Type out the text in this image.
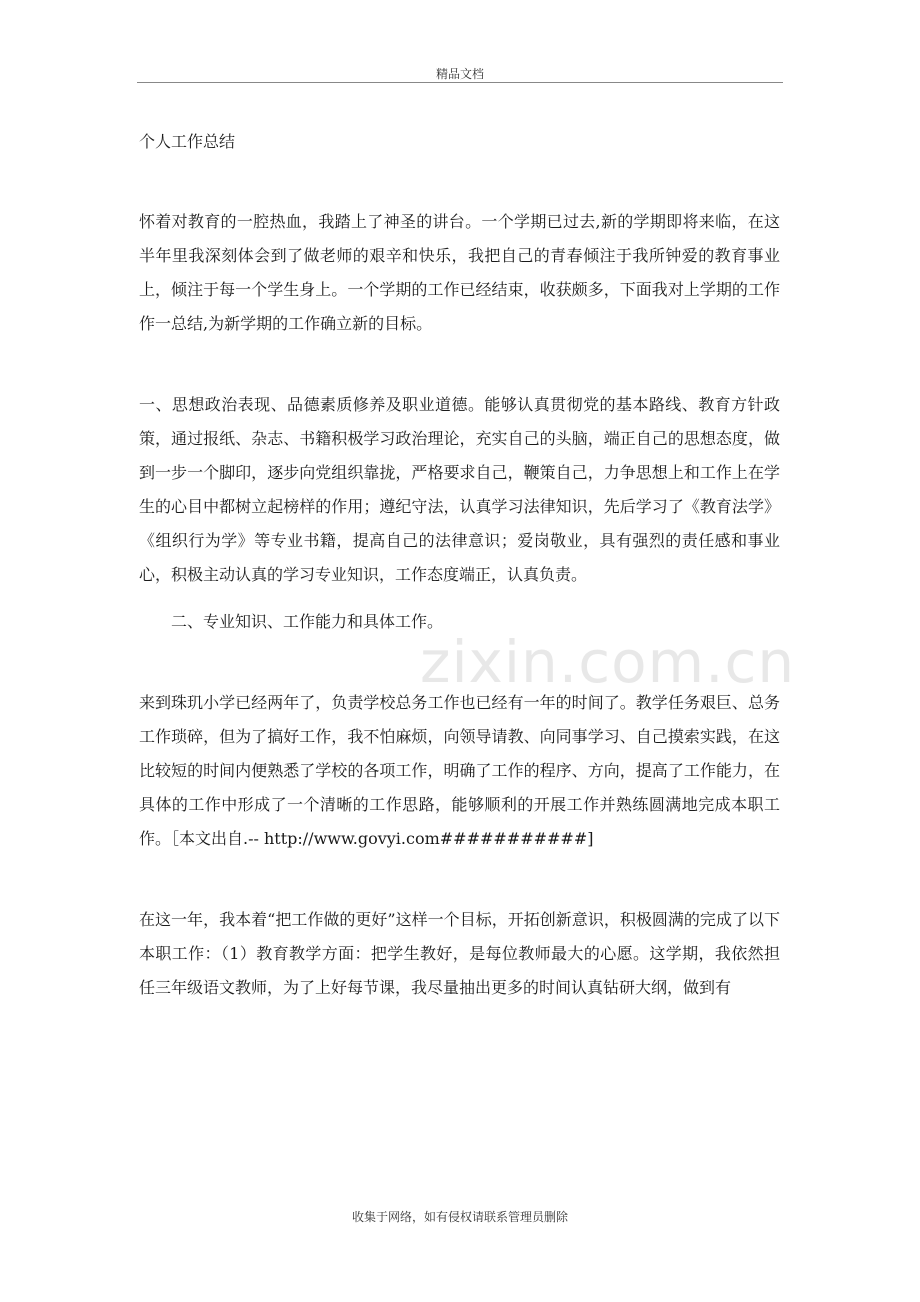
精品文档
zixin.com.cn

个人工作总结

怀着对教育的一腔热血，我踏上了神圣的讲台。一个学期已过去,新的学期即将来临，在这半年里我深刻体会到了做老师的艰辛和快乐，我把自己的青春倾注于我所钟爱的教育事业上，倾注于每一个学生身上。一个学期的工作已经结束，收获颇多，下面我对上学期的工作作一总结,为新学期的工作确立新的目标。

一、思想政治表现、品德素质修养及职业道德。能够认真贯彻党的基本路线、教育方针政策，通过报纸、杂志、书籍积极学习政治理论，充实自己的头脑，端正自己的思想态度，做到一步一个脚印，逐步向党组织靠拢，严格要求自己，鞭策自己，力争思想上和工作上在学生的心目中都树立起榜样的作用；遵纪守法，认真学习法律知识，先后学习了《教育法学》《组织行为学》等专业书籍，提高自己的法律意识；爱岗敬业，具有强烈的责任感和事业心，积极主动认真的学习专业知识，工作态度端正，认真负责。

二、专业知识、工作能力和具体工作。

来到珠玑小学已经两年了，负责学校总务工作也已经有一年的时间了。教学任务艰巨、总务工作琐碎，但为了搞好工作，我不怕麻烦，向领导请教、向同事学习、自己摸索实践，在这比较短的时间内便熟悉了学校的各项工作，明确了工作的程序、方向，提高了工作能力，在具体的工作中形成了一个清晰的工作思路，能够顺利的开展工作并熟练圆满地完成本职工作。［本文出自.-- http://www.govyi.com###########]

在这一年，我本着“把工作做的更好”这样一个目标，开拓创新意识，积极圆满的完成了以下本职工作：（1）教育教学方面：把学生教好，是每位教师最大的心愿。这学期，我依然担任三年级语文教师，为了上好每节课，我尽量抽出更多的时间认真钻研大纲，做到有

收集于网络，如有侵权请联系管理员删除
